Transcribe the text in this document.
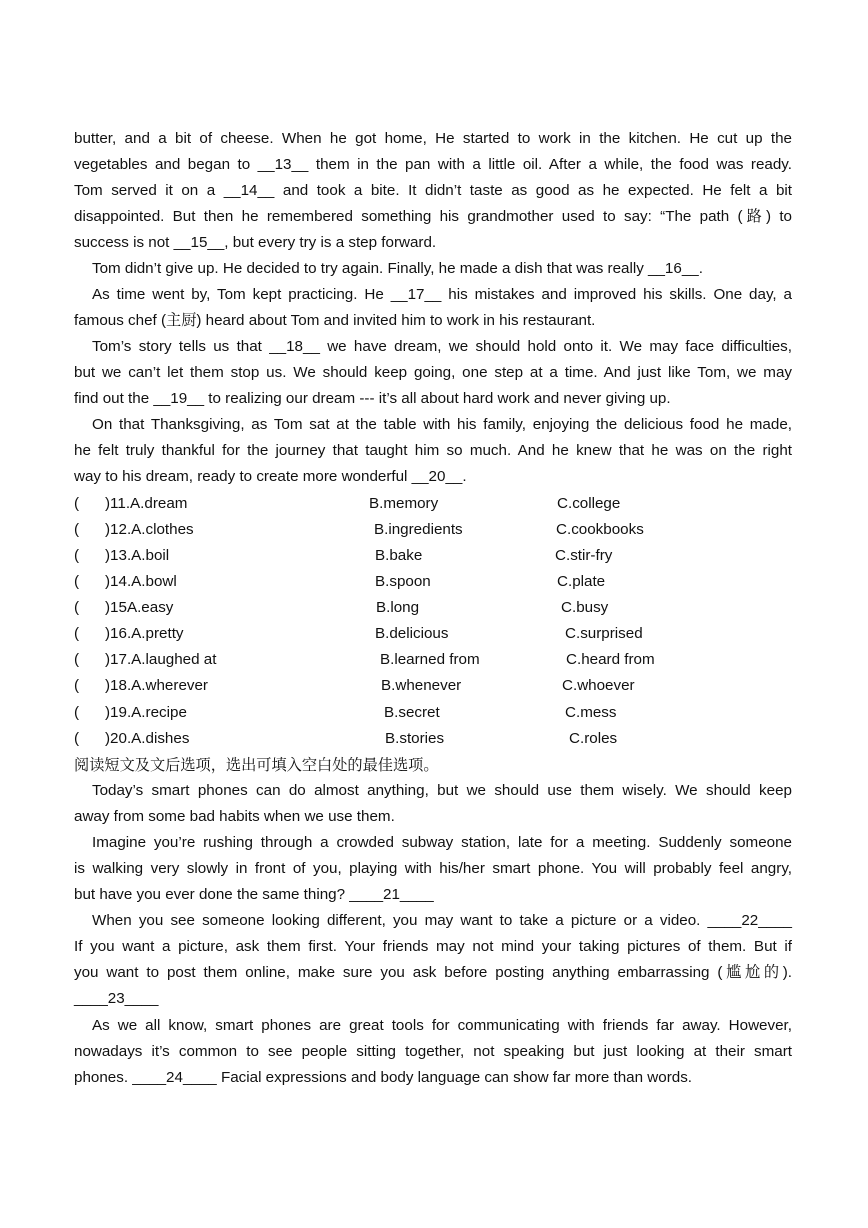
butter, and a bit of cheese. When he got home, He started to work in the kitchen. He cut up the
vegetables and began to __13__ them in the pan with a little oil. After a while, the food was ready.
Tom served it on a __14__ and took a bite. It didn’t taste as good as he expected. He felt a bit
disappointed. But then he remembered something his grandmother used to say: “The path (路) to
success is not __15__, but every try is a step forward.
Tom didn’t give up. He decided to try again. Finally, he made a dish that was really __16__.
As time went by, Tom kept practicing. He __17__ his mistakes and improved his skills. One day, a
famous chef (主厨) heard about Tom and invited him to work in his restaurant.
Tom’s story tells us that __18__ we have dream, we should hold onto it. We may face difficulties,
but we can’t let them stop us. We should keep going, one step at a time. And just like Tom, we may
find out the __19__ to realizing our dream --- it’s all about hard work and never giving up.
On that Thanksgiving, as Tom sat at the table with his family, enjoying the delicious food he made,
he felt truly thankful for the journey that taught him so much. And he knew that he was on the right
way to his dream, ready to create more wonderful __20__.
( )11.A.dream	B.memory	C.college
( )12.A.clothes	B.ingredients	C.cookbooks
( )13.A.boil	B.bake	C.stir-fry
( )14.A.bowl	B.spoon	C.plate
( )15A.easy	B.long	C.busy
( )16.A.pretty	B.delicious	C.surprised
( )17.A.laughed at	B.learned from	C.heard from
( )18.A.wherever	B.whenever	C.whoever
( )19.A.recipe	B.secret	C.mess
( )20.A.dishes	B.stories	C.roles
阅读短文及文后选项，选出可填入空白处的最佳选项。
Today’s smart phones can do almost anything, but we should use them wisely. We should keep
away from some bad habits when we use them.
Imagine you’re rushing through a crowded subway station, late for a meeting. Suddenly someone
is walking very slowly in front of you, playing with his/her smart phone. You will probably feel angry,
but have you ever done the same thing? ____21____
When you see someone looking different, you may want to take a picture or a video. ____22____
If you want a picture, ask them first. Your friends may not mind your taking pictures of them. But if
you want to post them online, make sure you ask before posting anything embarrassing (尴尬的).
____23____
As we all know, smart phones are great tools for communicating with friends far away. However,
nowadays it’s common to see people sitting together, not speaking but just looking at their smart
phones. ____24____ Facial expressions and body language can show far more than words.
